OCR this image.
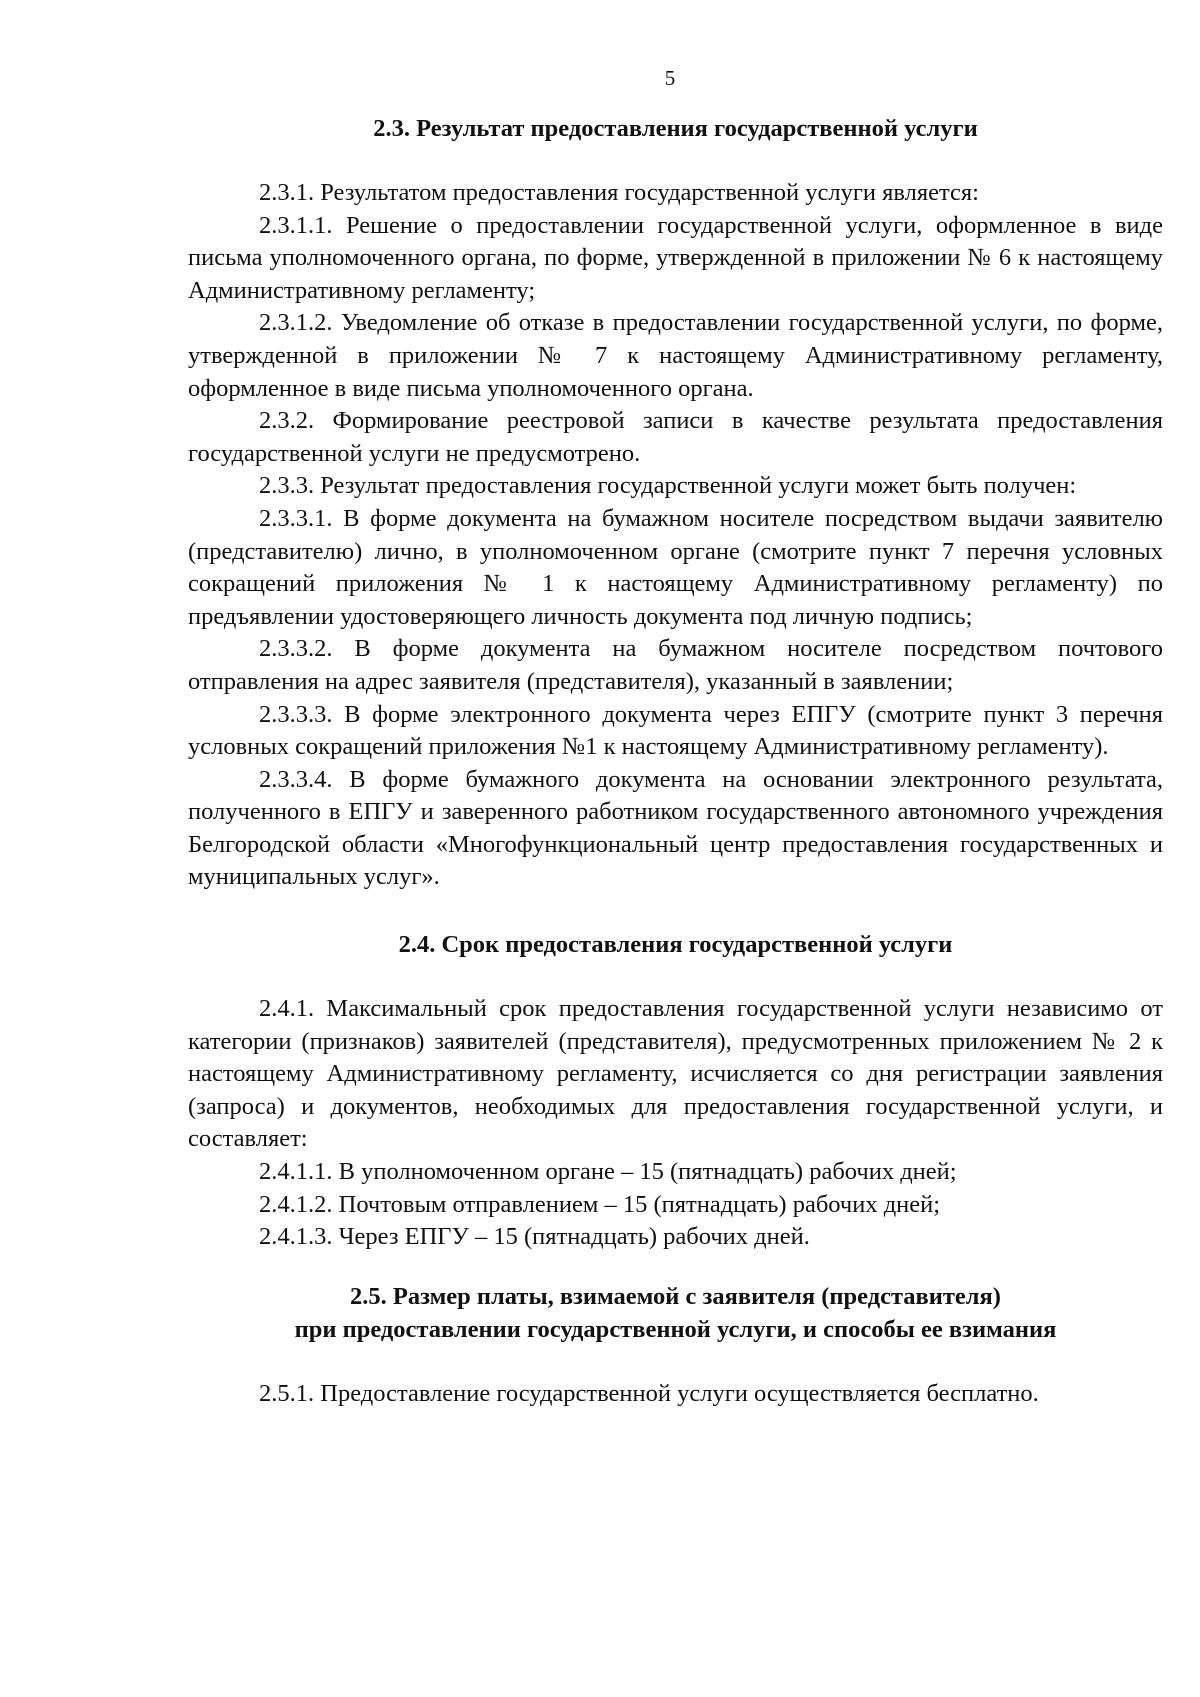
5

2.3. Результат предоставления государственной услуги

2.3.1. Результатом предоставления государственной услуги является:

2.3.1.1. Решение о предоставлении государственной услуги, оформленное в виде письма уполномоченного органа, по форме, утвержденной в приложении № 6 к настоящему Административному регламенту;

2.3.1.2. Уведомление об отказе в предоставлении государственной услуги, по форме, утвержденной в приложении № 7 к настоящему Административному регламенту, оформленное в виде письма уполномоченного органа.

2.3.2. Формирование реестровой записи в качестве результата предоставления государственной услуги не предусмотрено.

2.3.3. Результат предоставления государственной услуги может быть получен:

2.3.3.1. В форме документа на бумажном носителе посредством выдачи заявителю (представителю) лично, в уполномоченном органе (смотрите пункт 7 перечня условных сокращений приложения № 1 к настоящему Административному регламенту) по предъявлении удостоверяющего личность документа под личную подпись;

2.3.3.2. В форме документа на бумажном носителе посредством почтового отправления на адрес заявителя (представителя), указанный в заявлении;

2.3.3.3. В форме электронного документа через ЕПГУ (смотрите пункт 3 перечня условных сокращений приложения №1 к настоящему Административному регламенту).

2.3.3.4. В форме бумажного документа на основании электронного результата, полученного в ЕПГУ и заверенного работником государственного автономного учреждения Белгородской области «Многофункциональный центр предоставления государственных и муниципальных услуг».

2.4. Срок предоставления государственной услуги

2.4.1. Максимальный срок предоставления государственной услуги независимо от категории (признаков) заявителей (представителя), предусмотренных приложением № 2 к настоящему Административному регламенту, исчисляется со дня регистрации заявления (запроса) и документов, необходимых для предоставления государственной услуги, и составляет:

2.4.1.1. В уполномоченном органе – 15 (пятнадцать) рабочих дней;

2.4.1.2. Почтовым отправлением – 15 (пятнадцать) рабочих дней;

2.4.1.3. Через ЕПГУ – 15 (пятнадцать) рабочих дней.

2.5. Размер платы, взимаемой с заявителя (представителя)

при предоставлении государственной услуги, и способы ее взимания

2.5.1. Предоставление государственной услуги осуществляется бесплатно.
